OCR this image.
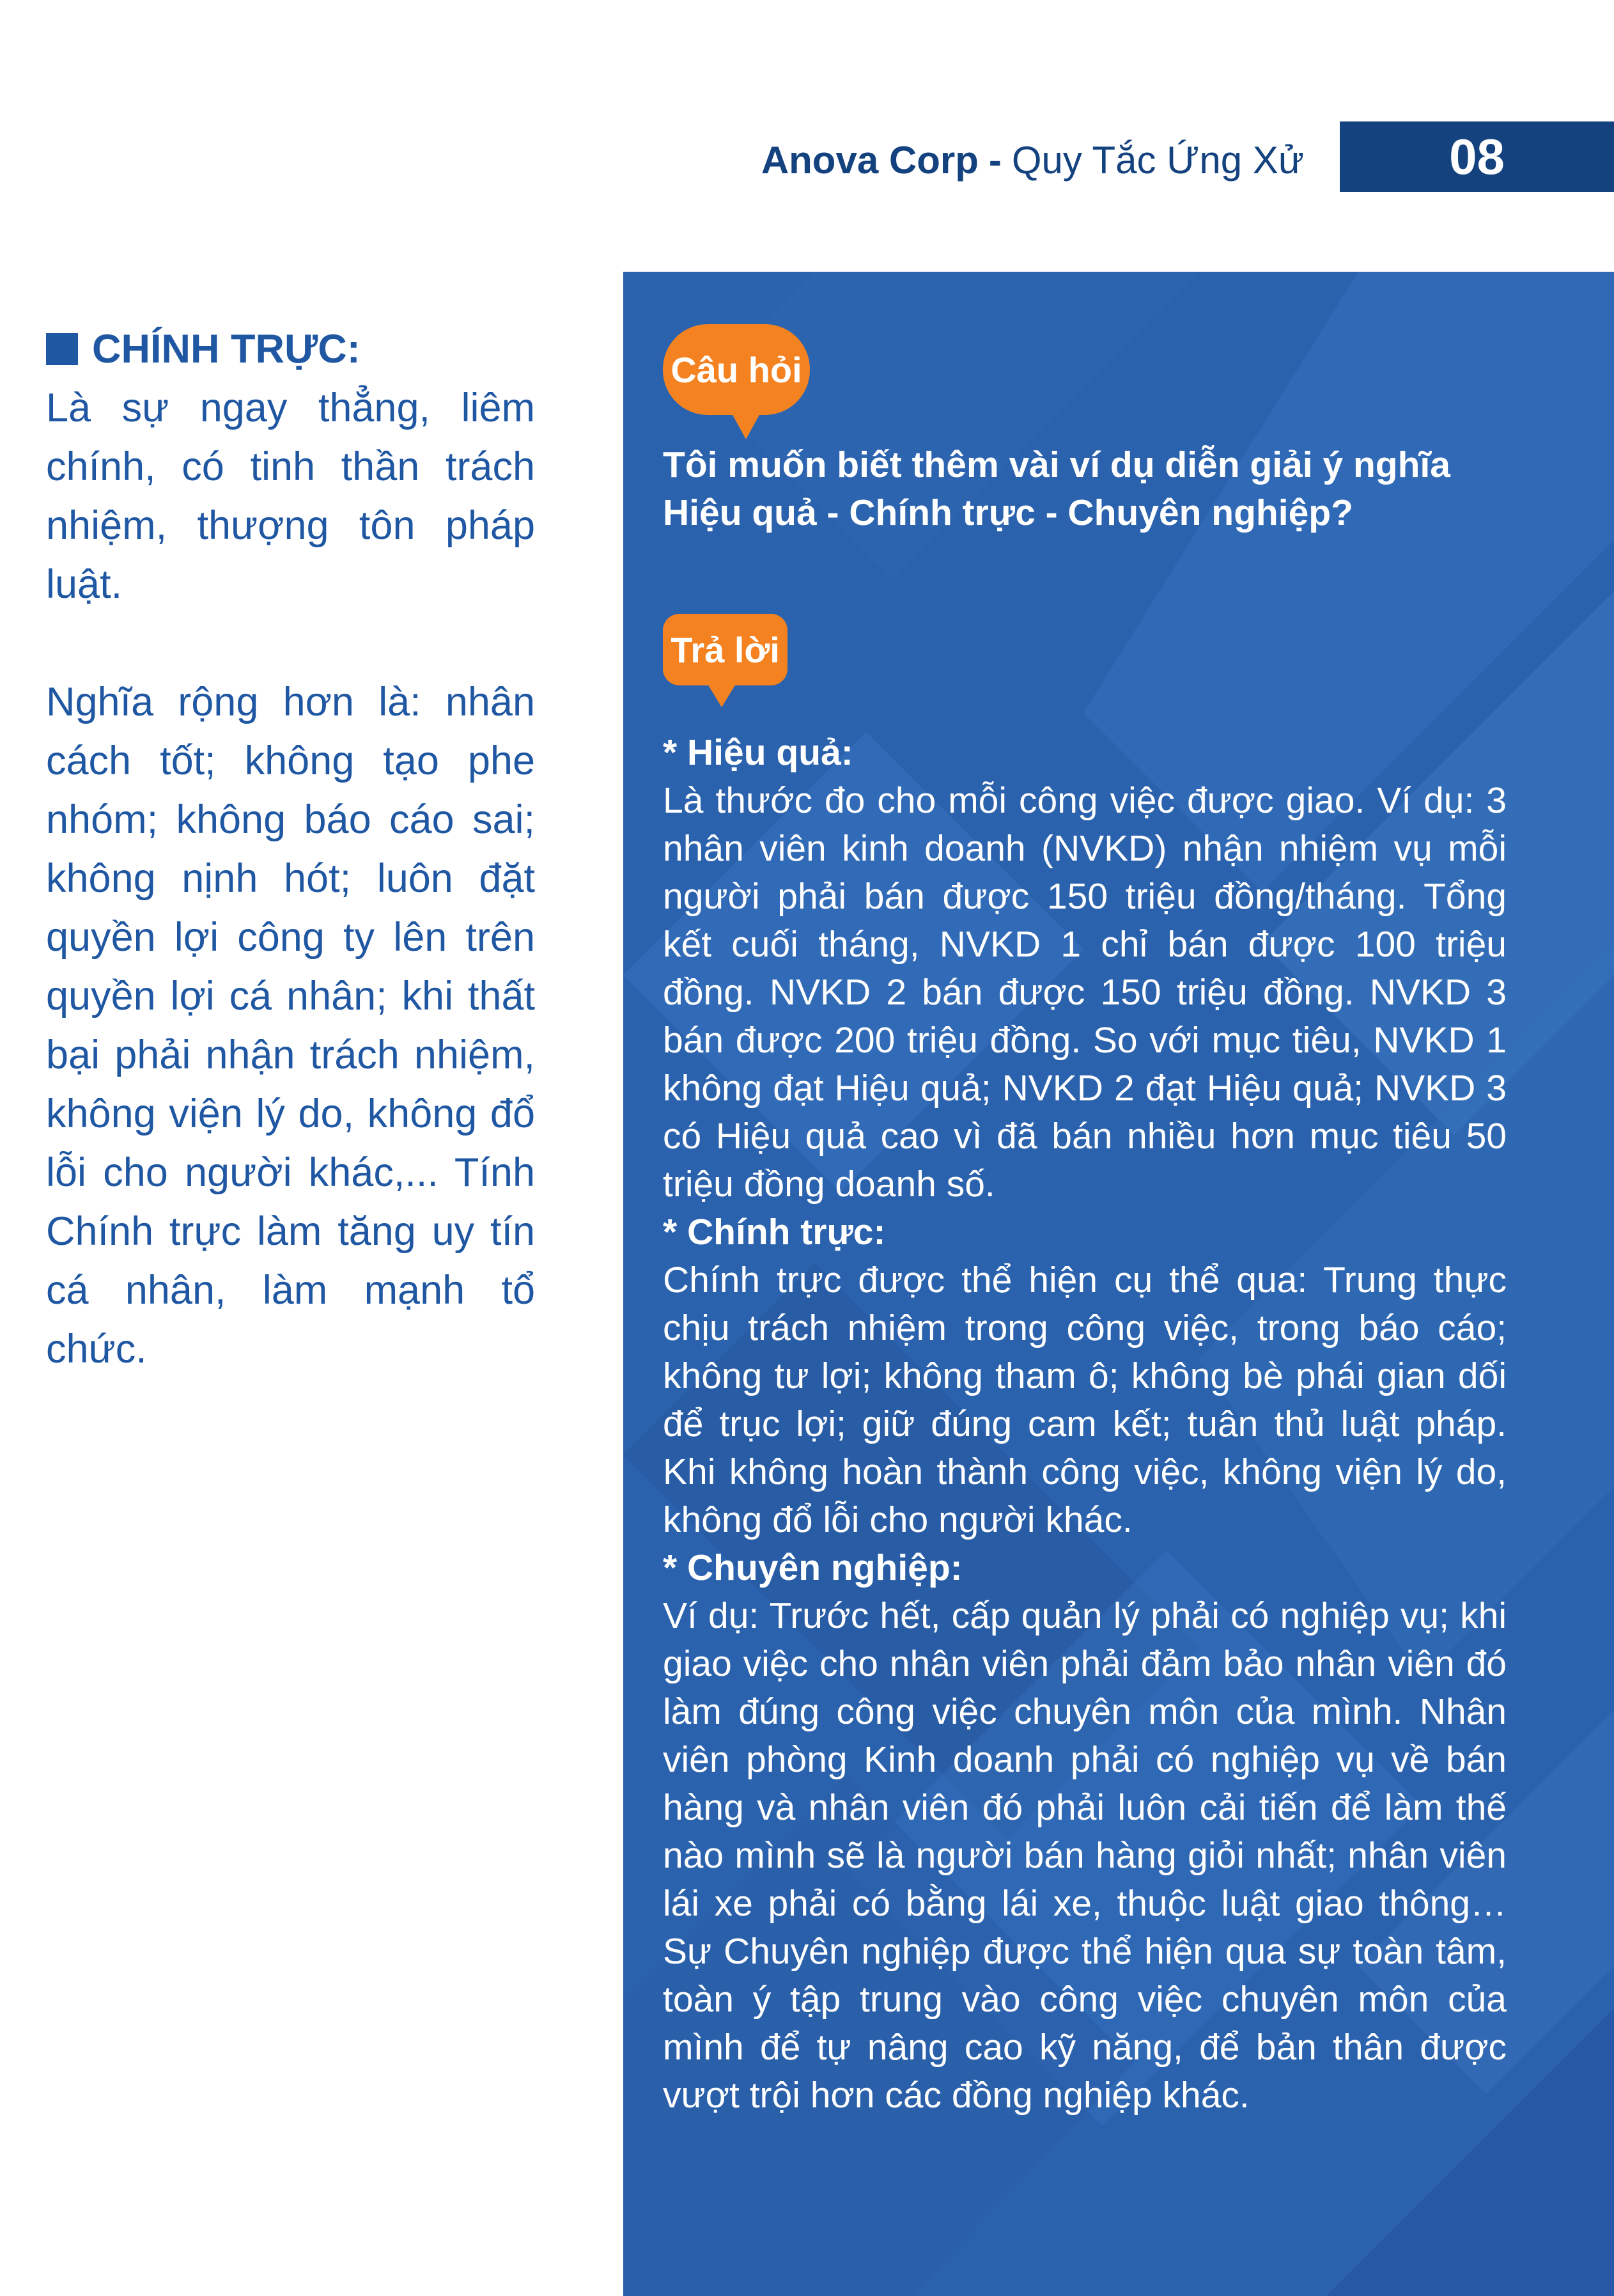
Anova Corp - Quy Tắc Ứng Xử	08
CHÍNH TRỰC:

Là sự ngay thẳng, liêm chính, có tinh thần trách nhiệm, thượng tôn pháp luật.

Nghĩa rộng hơn là: nhân cách tốt; không tạo phe nhóm; không báo cáo sai; không nịnh hót; luôn đặt quyền lợi công ty lên trên quyền lợi cá nhân; khi thất bại phải nhận trách nhiệm, không viện lý do, không đổ lỗi cho người khác,... Tính Chính trực làm tăng uy tín cá nhân, làm mạnh tổ chức.

Câu hỏi
Tôi muốn biết thêm vài ví dụ diễn giải ý nghĩa Hiệu quả - Chính trực - Chuyên nghiệp?
Trả lời
* Hiệu quả:

Là thước đo cho mỗi công việc được giao. Ví dụ: 3 nhân viên kinh doanh (NVKD) nhận nhiệm vụ mỗi người phải bán được 150 triệu đồng/tháng. Tổng kết cuối tháng, NVKD 1 chỉ bán được 100 triệu đồng. NVKD 2 bán được 150 triệu đồng. NVKD 3 bán được 200 triệu đồng. So với mục tiêu, NVKD 1 không đạt Hiệu quả; NVKD 2 đạt Hiệu quả; NVKD 3 có Hiệu quả cao vì đã bán nhiều hơn mục tiêu 50 triệu đồng doanh số.

* Chính trực:

Chính trực được thể hiện cụ thể qua: Trung thực chịu trách nhiệm trong công việc, trong báo cáo; không tư lợi; không tham ô; không bè phái gian dối để trục lợi; giữ đúng cam kết; tuân thủ luật pháp. Khi không hoàn thành công việc, không viện lý do, không đổ lỗi cho người khác.

* Chuyên nghiệp:

Ví dụ: Trước hết, cấp quản lý phải có nghiệp vụ; khi giao việc cho nhân viên phải đảm bảo nhân viên đó làm đúng công việc chuyên môn của mình. Nhân viên phòng Kinh doanh phải có nghiệp vụ về bán hàng và nhân viên đó phải luôn cải tiến để làm thế nào mình sẽ là người bán hàng giỏi nhất; nhân viên lái xe phải có bằng lái xe, thuộc luật giao thông… Sự Chuyên nghiệp được thể hiện qua sự toàn tâm, toàn ý tập trung vào công việc chuyên môn của mình để tự nâng cao kỹ năng, để bản thân được vượt trội hơn các đồng nghiệp khác.
